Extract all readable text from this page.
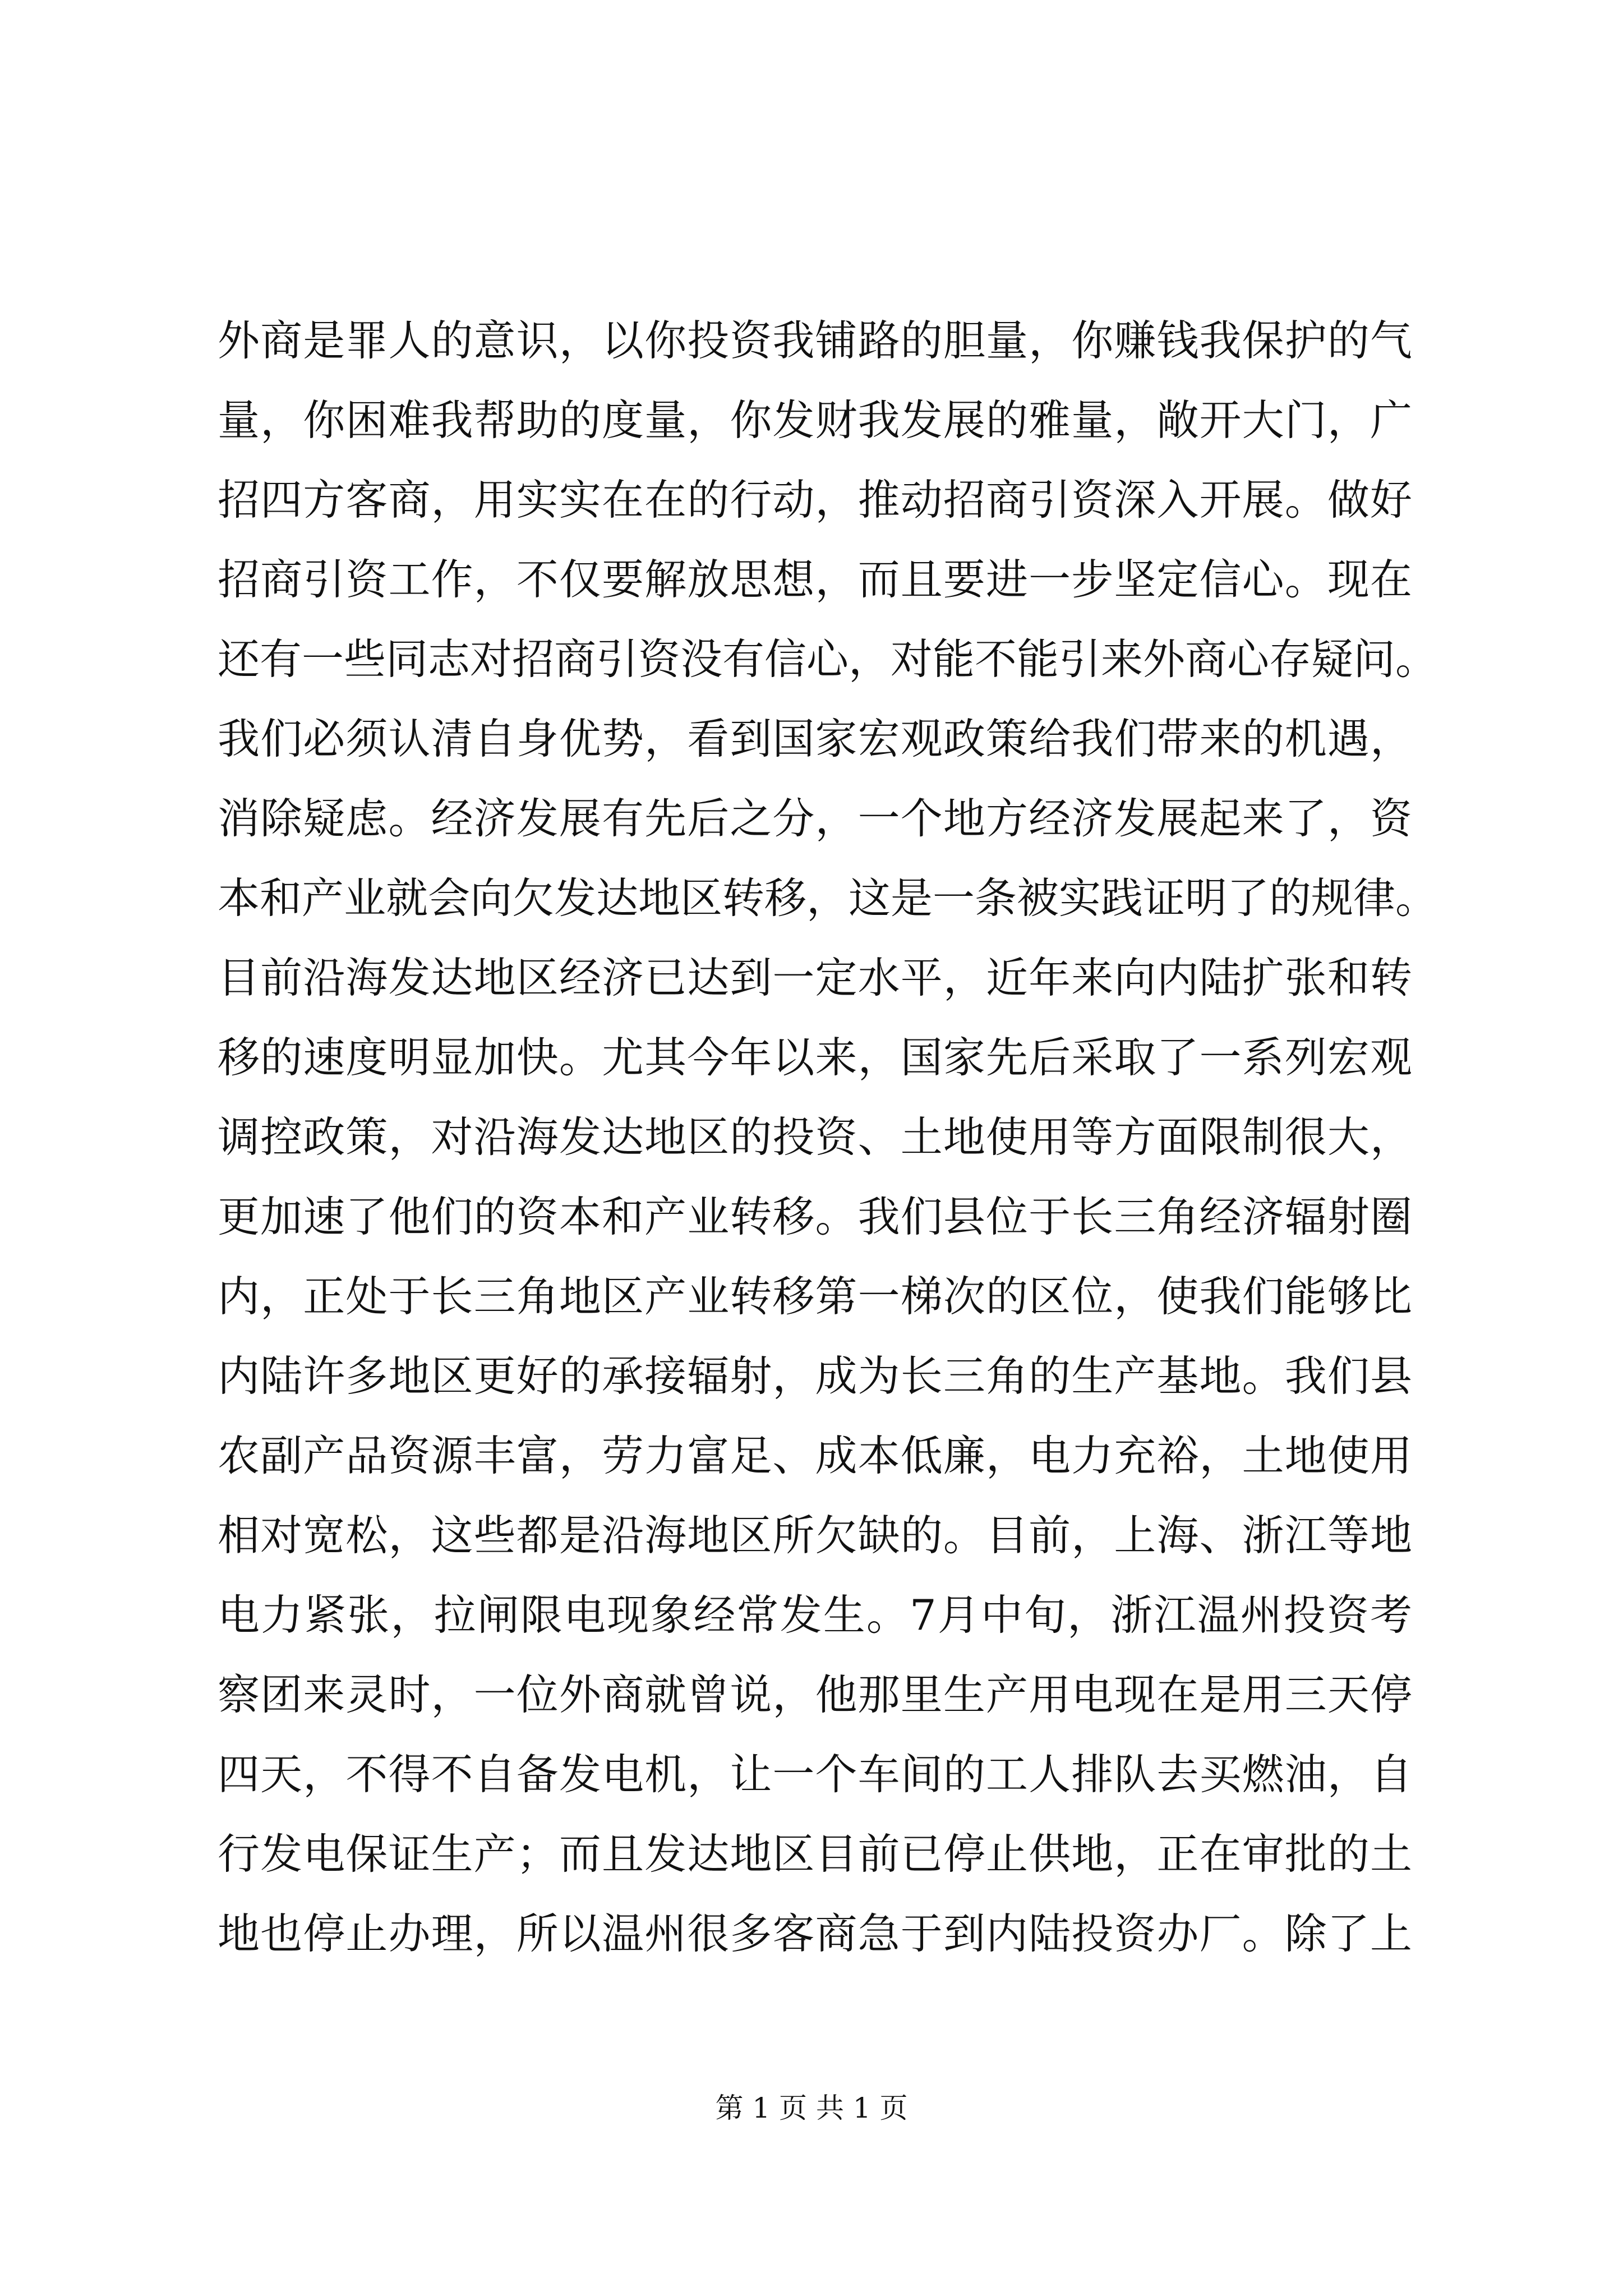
外商是罪人的意识，以你投资我铺路的胆量，你赚钱我保护的气
量，你困难我帮助的度量，你发财我发展的雅量，敞开大门，广
招四方客商，用实实在在的行动，推动招商引资深入开展。做好
招商引资工作，不仅要解放思想，而且要进一步坚定信心。现在
还有一些同志对招商引资没有信心，对能不能引来外商心存疑问。
我们必须认清自身优势，看到国家宏观政策给我们带来的机遇，
消除疑虑。经济发展有先后之分，一个地方经济发展起来了，资
本和产业就会向欠发达地区转移，这是一条被实践证明了的规律。
目前沿海发达地区经济已达到一定水平，近年来向内陆扩张和转
移的速度明显加快。尤其今年以来，国家先后采取了一系列宏观
调控政策，对沿海发达地区的投资、土地使用等方面限制很大，
更加速了他们的资本和产业转移。我们县位于长三角经济辐射圈
内，正处于长三角地区产业转移第一梯次的区位，使我们能够比
内陆许多地区更好的承接辐射，成为长三角的生产基地。我们县
农副产品资源丰富，劳力富足、成本低廉，电力充裕，土地使用
相对宽松，这些都是沿海地区所欠缺的。目前，上海、浙江等地
电力紧张，拉闸限电现象经常发生。7月中旬，浙江温州投资考
察团来灵时，一位外商就曾说，他那里生产用电现在是用三天停
四天，不得不自备发电机，让一个车间的工人排队去买燃油，自
行发电保证生产；而且发达地区目前已停止供地，正在审批的土
地也停止办理，所以温州很多客商急于到内陆投资办厂。除了上
第 1 页 共 1 页
